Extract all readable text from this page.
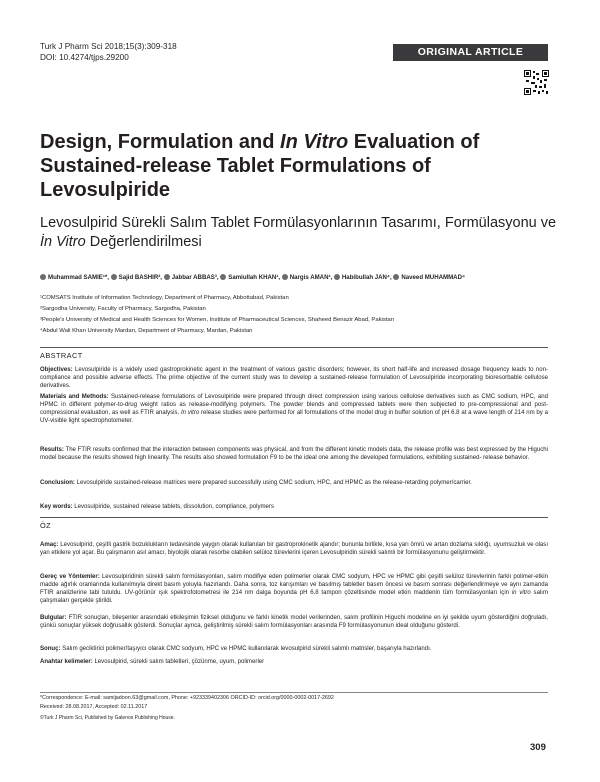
Turk J Pharm Sci 2018;15(3):309-318
DOI: 10.4274/tjps.29200	ORIGINAL ARTICLE
Design, Formulation and In Vitro Evaluation of Sustained-release Tablet Formulations of Levosulpiride
Levosulpirid Sürekli Salım Tablet Formülasyonlarının Tasarımı, Formülasyonu ve İn Vitro Değerlendirilmesi
Muhammad SAMIE¹*, Sajid BASHIR², Jabbar ABBAS³, Samiullah KHAN¹, Nargis AMAN¹, Habibullah JAN⁴, Naveed MUHAMMAD⁴
¹COMSATS Institute of Information Technology, Department of Pharmacy, Abbottabad, Pakistan
²Sargodha University, Faculty of Pharmacy, Sargodha, Pakistan
³People's University of Medical and Health Sciences for Women, Institute of Pharmaceutical Sciences, Shaheed Benazir Abad, Pakistan
⁴Abdul Wali Khan University Mardan, Department of Pharmacy, Mardan, Pakistan
ABSTRACT
Objectives: Levosulpiride is a widely used gastroprokinetic agent in the treatment of various gastric disorders; however, its short half-life and increased dosage frequency leads to non-compliance and possible adverse effects. The prime objective of the current study was to develop a sustained-release formulation of Levosulpiride incorporating bioresorbable cellulose derivatives.
Materials and Methods: Sustained-release formulations of Levosulpiride were prepared through direct compression using various cellulose derivatives such as CMC sodium, HPC, and HPMC in different polymer-to-drug weight ratios as release-modifying polymers. The powder blends and compressed tablets were then subjected to pre-compressional and post-compressional evaluation, as well as FTIR analysis. In vitro release studies were performed for all formulations of the model drug in buffer solution of pH 6.8 at a wave length of 214 nm by a UV-visible light spectrophotometer.
Results: The FTIR results confirmed that the interaction between components was physical, and from the different kinetic models data, the release profile was best expressed by the Higuchi model because the results showed high linearity. The results also showed formulation F9 to be the ideal one among the developed formulations, exhibiting sustained- release behavior.
Conclusion: Levosulpiride sustained-release matrices were prepared successfully using CMC sodium, HPC, and HPMC as the release-retarding polymer/carrier.
Key words: Levosulpiride, sustained release tablets, dissolution, compliance, polymers
ÖZ
Amaç: Levosulpirid, çeşitli gastrik bozuklukların tedavisinde yaygın olarak kullanılan bir gastroprokinetik ajandır; bununla birlikte, kısa yarı ömrü ve artan dozlama sıklığı, uyumsuzluk ve olası yan etkilere yol açar. Bu çalışmanın asıl amacı, biyolojik olarak resorbe olabilen selüloz türevlerini içeren Levosulpiridin sürekli salımlı bir formülasyonunu geliştirmektir.
Gereç ve Yöntemler: Levosulpiridinin sürekli salım formülasyonları, salım modifiye eden polimerler olarak CMC sodyum, HPC ve HPMC gibi çeşitli selüloz türevlerinin farklı polimer-etkin madde ağırlık oranlarında kullanılmıyla direkt basım yoluyla hazırlandı. Daha sonra, toz karışımları ve basılmış tabletler basım öncesi ve basım sonrası değerlendirmeye ve aynı zamanda FTIR analizlerine tabi tutuldu. UV-görünür ışık spektrofotometresi ile 214 nm dalga boyunda pH 6.8 tampon çözeltisinde model etkin maddenin tüm formülasyonları için in vitro salım çalışmaları gerçekle ştirildi.
Bulgular: FTIR sonuçları, bileşenler arasındaki etkileşimin fiziksel olduğunu ve farklı kinetik model verilerinden, salım profilinin Higuchi modeline en iyi şekilde uyum gösterdiğini doğruladı, çünkü sonuçlar yüksek doğrusallık gösterdi. Sonuçlar ayrıca, geliştirilmiş sürekli salım formülasyonları arasında F9 formülasyonunun ideal olduğunu gösterdi.
Sonuç: Salım geciktirici polimer/taşıyıcı olarak CMC sodyum, HPC ve HPMC kullanılarak levosulpirid sürekli salımlı matrisler, başarıyla hazırlandı.
Anahtar kelimeler: Levosulpirid, sürekli salım tabletleri, çözünme, uyum, polimerler
*Correspondence: E-mail: samijadoon.63@gmail.com, Phone: +923339402306 ORCID-ID: orcid.org/0000-0002-0017-2692
Received: 28.08.2017, Accepted: 02.11.2017
©Turk J Pharm Sci, Published by Galenos Publishing House.
309
